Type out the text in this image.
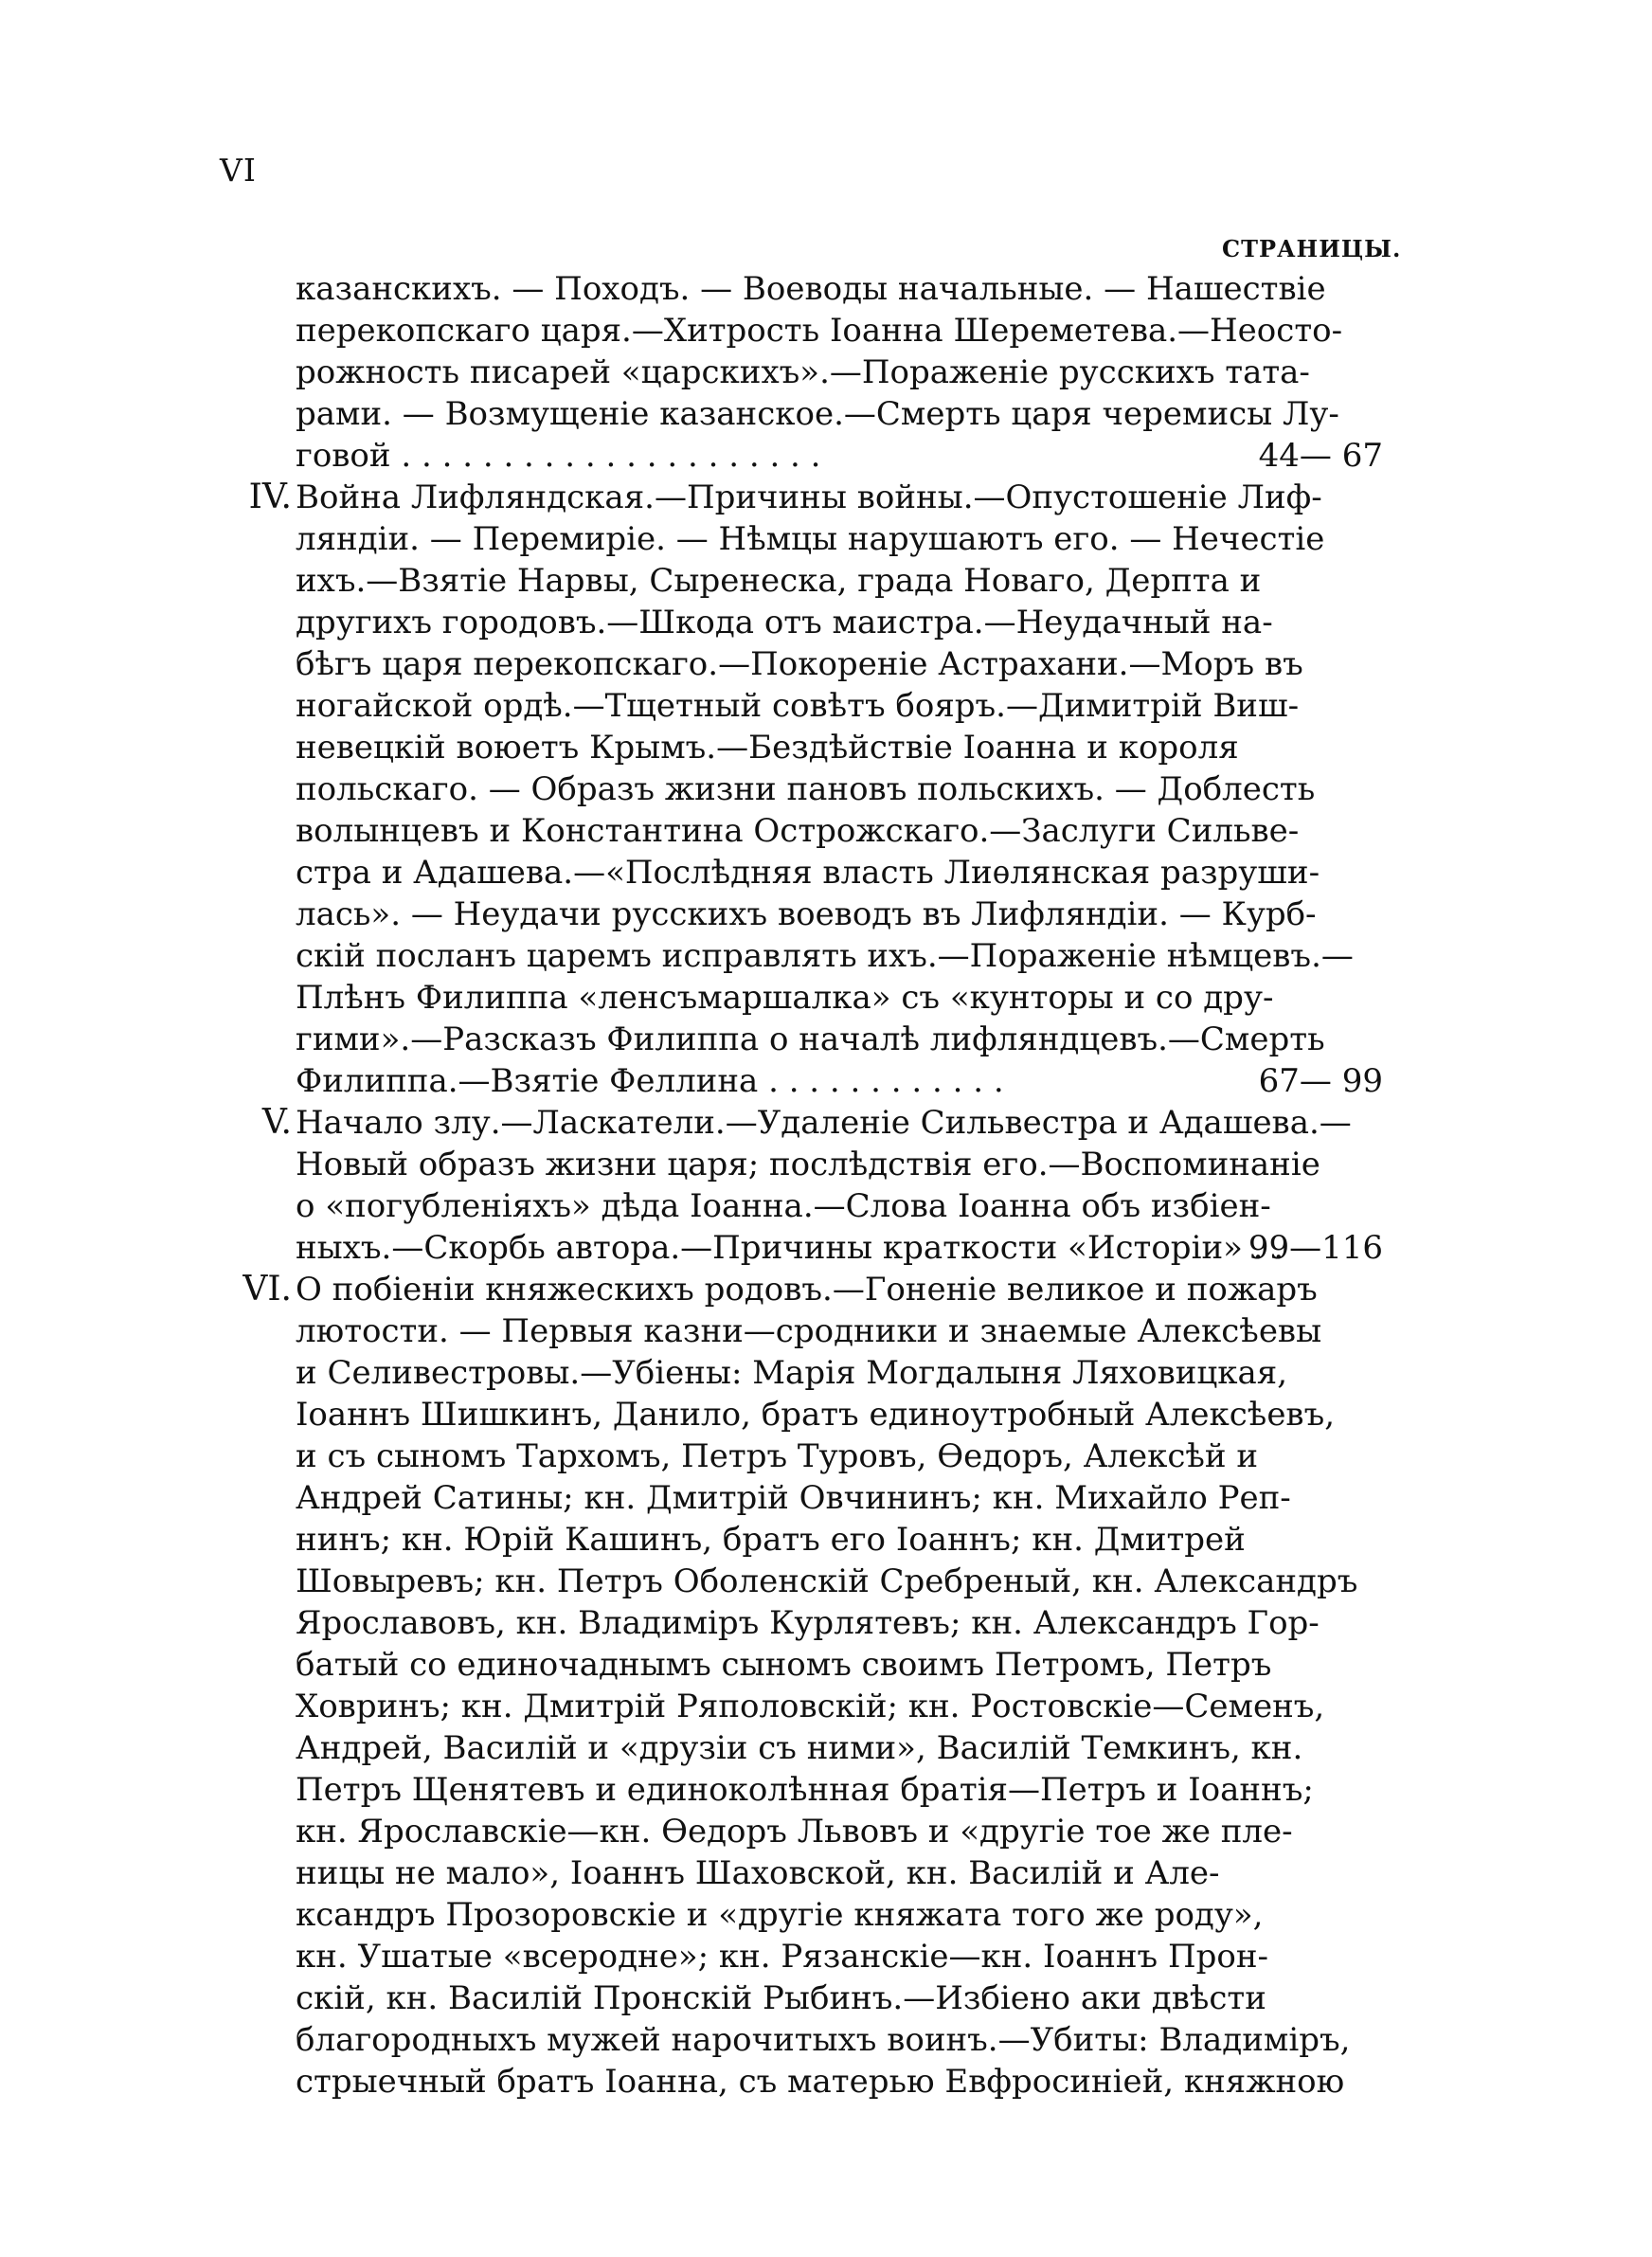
VI
СТРАНИЦЫ.
казанскихъ. — Походъ. — Воеводы начальные. — Нашествіе
перекопскаго царя.—Хитрость Іоанна Шереметева.—Неосто-
рожность писарей «царскихъ».—Пораженіе русскихъ тата-
рами. — Возмущеніе казанское.—Смерть царя черемисы Лу-
говой . . . . . . . . . . . . . . . . . . . . .	44— 67
IV. Война Лифляндская.—Причины войны.—Опустошеніе Лиф-
ляндіи. — Перемиріе. — Нѣмцы нарушаютъ его. — Нечестіе
ихъ.—Взятіе Нарвы, Сыренеска, града Новаго, Дерпта и
другихъ городовъ.—Шкода отъ маистра.—Неудачный на-
бѣгъ царя перекопскаго.—Покореніе Астрахани.—Моръ въ
ногайской ордѣ.—Тщетный совѣтъ бояръ.—Димитрій Виш-
невецкій воюетъ Крымъ.—Бездѣйствіе Іоанна и короля
польскаго. — Образъ жизни пановъ польскихъ. — Доблесть
волынцевъ и Константина Острожскаго.—Заслуги Сильве-
стра и Адашева.—«Послѣдняя власть Лиѳлянская разруши-
лась». — Неудачи русскихъ воеводъ въ Лифляндіи. — Курб-
скій посланъ царемъ исправлять ихъ.—Пораженіе нѣмцевъ.—
Плѣнъ Филиппа «ленсъмаршалка» съ «кунторы и со дру-
гими».—Разсказъ Филиппа о началѣ лифляндцевъ.—Смерть
Филиппа.—Взятіе Феллина . . . . . . . . . . . .	67— 99
V. Начало злу.—Ласкатели.—Удаленіе Сильвестра и Адашева.—
Новый образъ жизни царя; послѣдствія его.—Воспоминаніе
о «погубленіяхъ» дѣда Іоанна.—Слова Іоанна объ избіен-
ныхъ.—Скорбь автора.—Причины краткости «Исторіи» . .
99—116
VI. О побіеніи княжескихъ родовъ.—Гоненіе великое и пожаръ
лютости. — Первыя казни—сродники и знаемые Алексѣевы
и Селивестровы.—Убіены: Марія Могдалыня Ляховицкая,
Іоаннъ Шишкинъ, Данило, братъ единоутробный Алексѣевъ,
и съ сыномъ Тархомъ, Петръ Туровъ, Ѳедоръ, Алексѣй и
Андрей Сатины; кн. Дмитрій Овчининъ; кн. Михайло Реп-
нинъ; кн. Юрій Кашинъ, братъ его Іоаннъ; кн. Дмитрей
Шовыревъ; кн. Петръ Оболенскій Сребреный, кн. Александръ
Ярославовъ, кн. Владиміръ Курлятевъ; кн. Александръ Гор-
батый со единочаднымъ сыномъ своимъ Петромъ, Петръ
Ховринъ; кн. Дмитрій Ряполовскій; кн. Ростовскіе—Семенъ,
Андрей, Василій и «друзіи съ ними», Василій Темкинъ, кн.
Петръ Щенятевъ и единоколѣнная братія—Петръ и Іоаннъ;
кн. Ярославскіе—кн. Ѳедоръ Львовъ и «другіе тое же пле-
ницы не мало», Іоаннъ Шаховской, кн. Василій и Але-
ксандръ Прозоровскіе и «другіе княжата того же роду»,
кн. Ушатые «всеродне»; кн. Рязанскіе—кн. Іоаннъ Прон-
скій, кн. Василій Пронскій Рыбинъ.—Избіено аки двѣсти
благородныхъ мужей нарочитыхъ воинъ.—Убиты: Владиміръ,
стрыечный братъ Іоанна, съ матерью Евфросиніей, княжною
